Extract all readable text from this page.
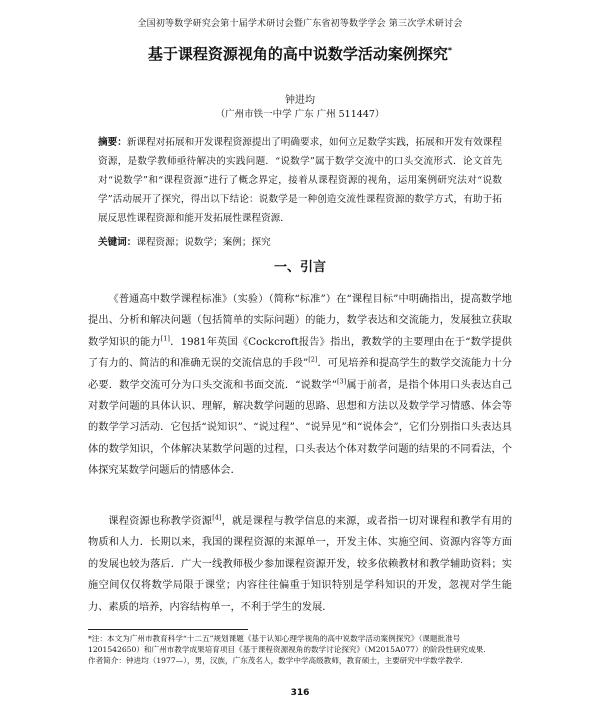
全国初等数学研究会第十届学术研讨会暨广东省初等数学学会 第三次学术研讨会
基于课程资源视角的高中说数学活动案例探究*
钟进均
（广州市铁一中学 广东 广州 511447）
摘要：新课程对拓展和开发课程资源提出了明确要求，如何立足数学实践，拓展和开发有效课程资源，是数学教师亟待解决的实践问题．“说数学”属于数学交流中的口头交流形式．论文首先对“说数学”和“课程资源”进行了概念界定，接着从课程资源的视角，运用案例研究法对“说数学”活动展开了探究，得出以下结论：说数学是一种创造交流性课程资源的数学方式，有助于拓展反思性课程资源和能开发拓展性课程资源．
关键词：课程资源；说数学；案例；探究
一、引言

《普通高中数学课程标准》（实验）（简称“标准”）在“课程目标”中明确指出，提高数学地提出、分析和解决问题（包括简单的实际问题）的能力，数学表达和交流能力，发展独立获取数学知识的能力[1]．1981年英国《Cockcroft报告》指出，教数学的主要理由在于“数学提供了有力的、简洁的和准确无误的交流信息的手段”[2]．可见培养和提高学生的数学交流能力十分必要．数学交流可分为口头交流和书面交流．“说数学”[3]属于前者，是指个体用口头表达自己对数学问题的具体认识、理解，解决数学问题的思路、思想和方法以及数学学习情感、体会等的数学学习活动．它包括“说知识”、“说过程”、“说异见”和“说体会”，它们分别指口头表达具体的数学知识，个体解决某数学问题的过程，口头表达个体对数学问题的结果的不同看法，个体探究某数学问题后的情感体会．

课程资源也称教学资源[4]，就是课程与教学信息的来源，或者指一切对课程和教学有用的物质和人力．长期以来，我国的课程资源的来源单一，开发主体、实施空间、资源内容等方面的发展也较为落后．广大一线教师极少参加课程资源开发，较多依赖教材和教学辅助资料；实施空间仅仅将数学局限于课堂；内容往往偏重于知识特别是学科知识的开发，忽视对学生能力、素质的培养，内容结构单一，不利于学生的发展．

*注：本文为广州市教育科学“十二五”规划课题《基于认知心理学视角的高中说数学活动案例探究》（课题批准号1201542650）和广州市教学成果培育项目《基于课程资源视角的数学讨论探究》（M2015A077）的阶段性研究成果.

作者简介：钟进均（1977—），男，汉族，广东茂名人，数学中学高级教师，教育硕士，主要研究中学数学教学.

316
